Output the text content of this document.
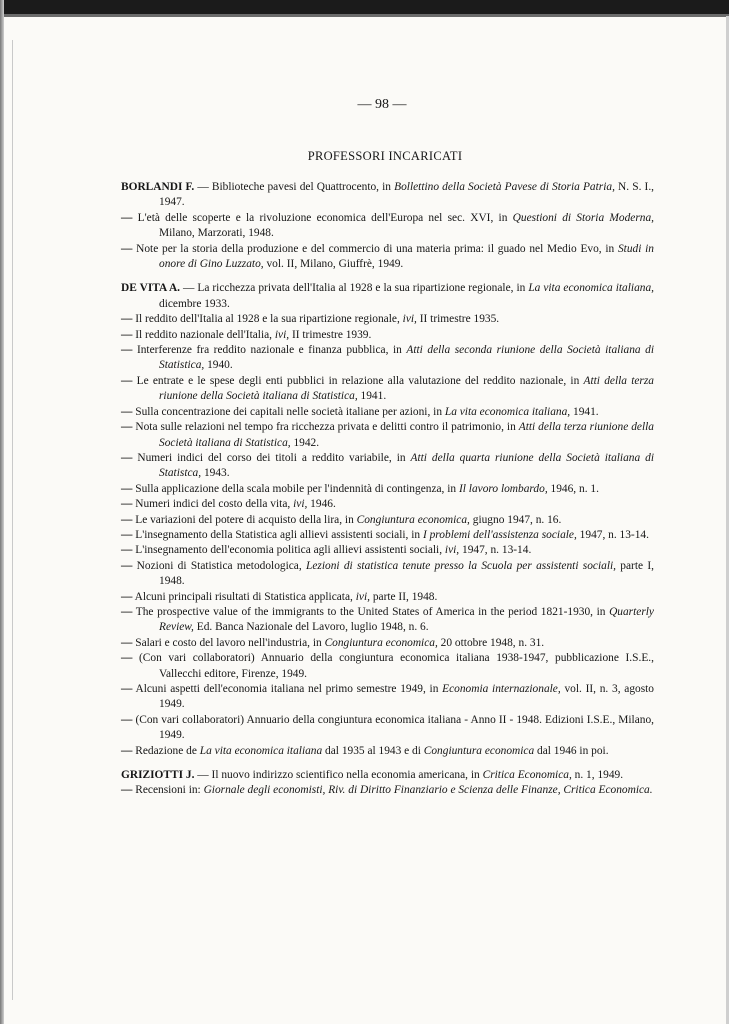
— 98 —
PROFESSORI INCARICATI
BORLANDI F. — Biblioteche pavesi del Quattrocento, in Bollettino della Società Pavese di Storia Patria, N. S. I., 1947.
— L'età delle scoperte e la rivoluzione economica dell'Europa nel sec. XVI, in Questioni di Storia Moderna, Milano, Marzorati, 1948.
— Note per la storia della produzione e del commercio di una materia prima: il guado nel Medio Evo, in Studi in onore di Gino Luzzato, vol. II, Milano, Giuffrè, 1949.
DE VITA A. — La ricchezza privata dell'Italia al 1928 e la sua ripartizione regionale, in La vita economica italiana, dicembre 1933.
— Il reddito dell'Italia al 1928 e la sua ripartizione regionale, ivi, II trimestre 1935.
— Il reddito nazionale dell'Italia, ivi, II trimestre 1939.
— Interferenze fra reddito nazionale e finanza pubblica, in Atti della seconda riunione della Società italiana di Statistica, 1940.
— Le entrate e le spese degli enti pubblici in relazione alla valutazione del reddito nazionale, in Atti della terza riunione della Società italiana di Statistica, 1941.
— Sulla concentrazione dei capitali nelle società italiane per azioni, in La vita economica italiana, 1941.
— Nota sulle relazioni nel tempo fra ricchezza privata e delitti contro il patrimonio, in Atti della terza riunione della Società italiana di Statistica, 1942.
— Numeri indici del corso dei titoli a reddito variabile, in Atti della quarta riunione della Società italiana di Statistca, 1943.
— Sulla applicazione della scala mobile per l'indennità di contingenza, in Il lavoro lombardo, 1946, n. 1.
— Numeri indici del costo della vita, ivi, 1946.
— Le variazioni del potere di acquisto della lira, in Congiuntura economica, giugno 1947, n. 16.
— L'insegnamento della Statistica agli allievi assistenti sociali, in I problemi dell'assistenza sociale, 1947, n. 13-14.
— L'insegnamento dell'economia politica agli allievi assistenti sociali, ivi, 1947, n. 13-14.
— Nozioni di Statistica metodologica, Lezioni di statistica tenute presso la Scuola per assistenti sociali, parte I, 1948.
— Alcuni principali risultati di Statistica applicata, ivi, parte II, 1948.
— The prospective value of the immigrants to the United States of America in the period 1821-1930, in Quarterly Review, Ed. Banca Nazionale del Lavoro, luglio 1948, n. 6.
— Salari e costo del lavoro nell'industria, in Congiuntura economica, 20 ottobre 1948, n. 31.
— (Con vari collaboratori) Annuario della congiuntura economica italiana 1938-1947, pubblicazione I.S.E., Vallecchi editore, Firenze, 1949.
— Alcuni aspetti dell'economia italiana nel primo semestre 1949, in Economia internazionale, vol. II, n. 3, agosto 1949.
— (Con vari collaboratori) Annuario della congiuntura economica italiana - Anno II - 1948. Edizioni I.S.E., Milano, 1949.
— Redazione de La vita economica italiana dal 1935 al 1943 e di Congiuntura economica dal 1946 in poi.
GRIZIOTTI J. — Il nuovo indirizzo scientifico nella economia americana, in Critica Economica, n. 1, 1949.
— Recensioni in: Giornale degli economisti, Riv. di Diritto Finanziario e Scienza delle Finanze, Critica Economica.
